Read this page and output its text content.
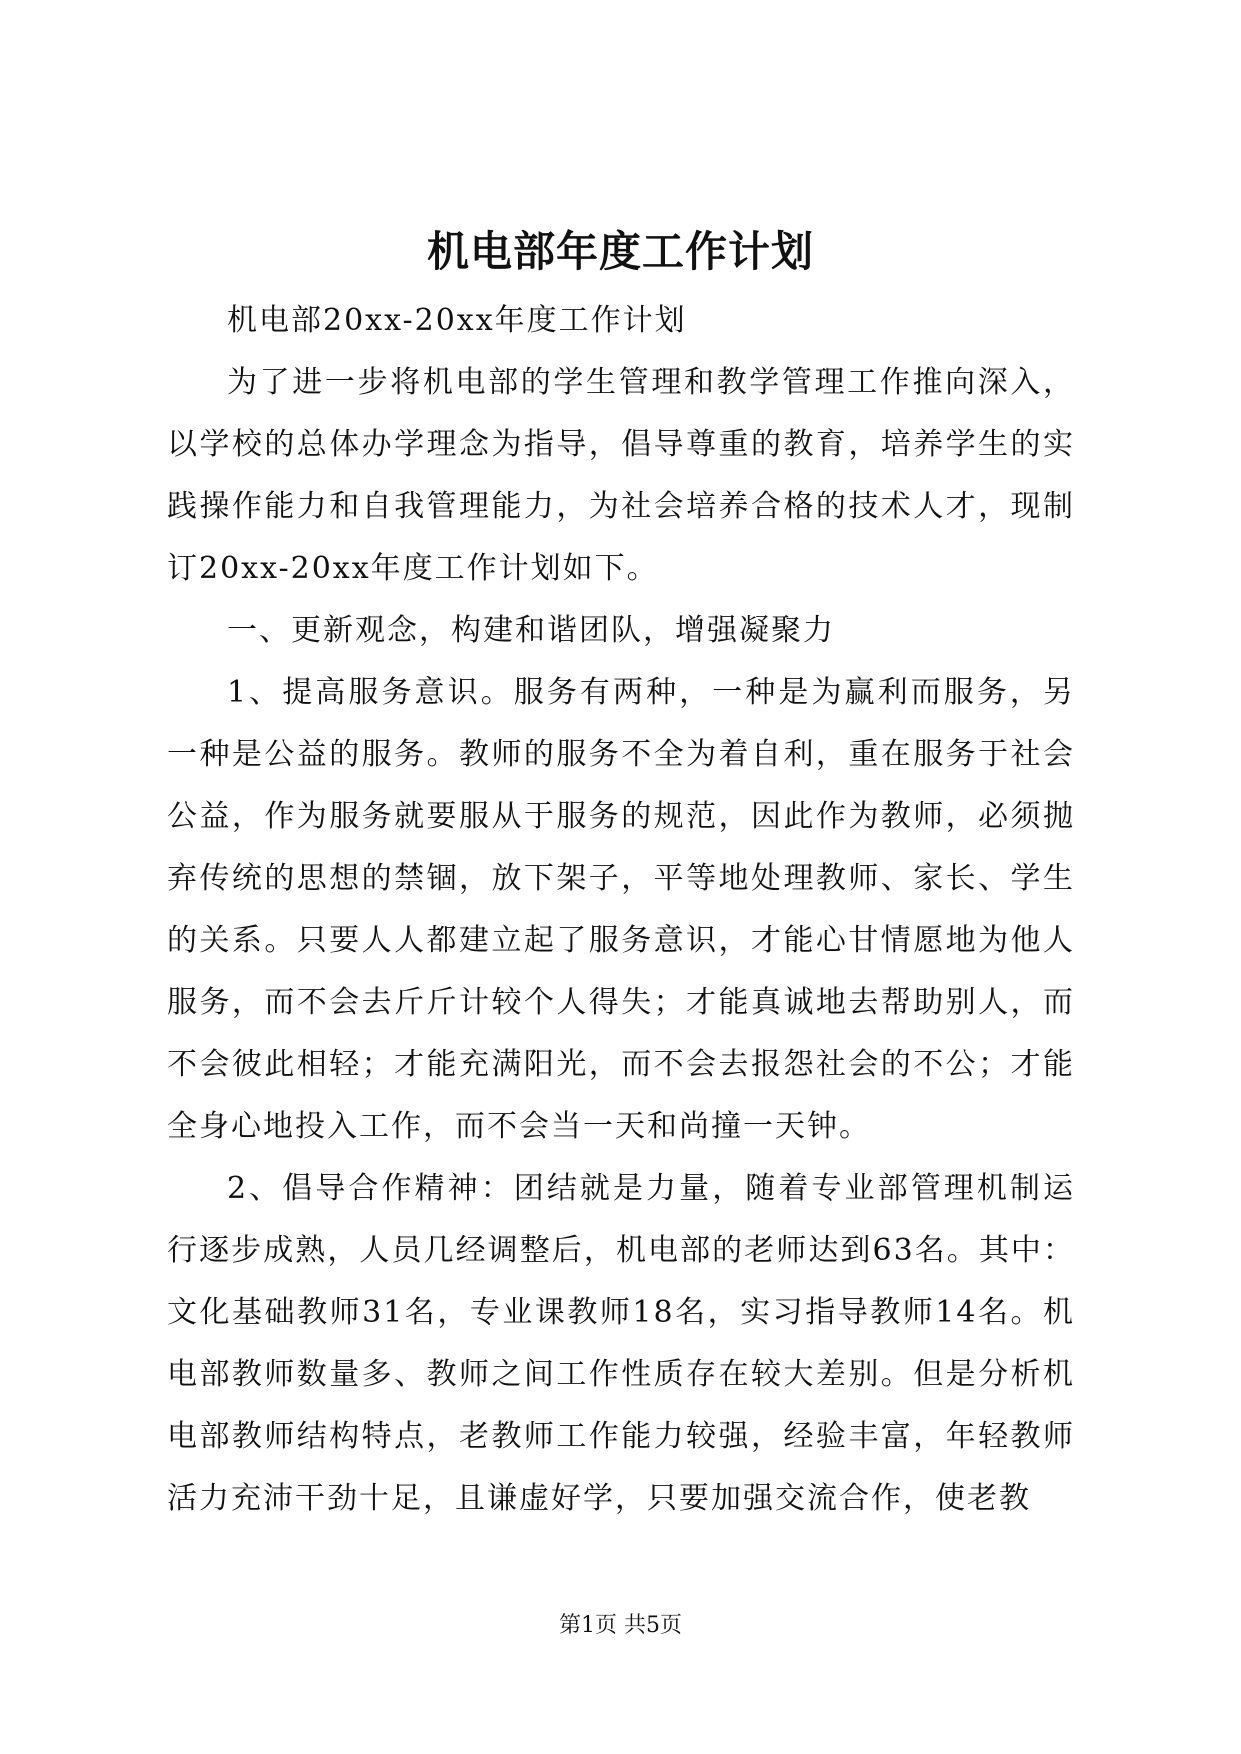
机电部年度工作计划

机电部20xx-20xx年度工作计划

为了进一步将机电部的学生管理和教学管理工作推向深入，以学校的总体办学理念为指导，倡导尊重的教育，培养学生的实践操作能力和自我管理能力，为社会培养合格的技术人才，现制订20xx-20xx年度工作计划如下。

一、更新观念，构建和谐团队，增强凝聚力

1、提高服务意识。服务有两种，一种是为赢利而服务，另一种是公益的服务。教师的服务不全为着自利，重在服务于社会公益，作为服务就要服从于服务的规范，因此作为教师，必须抛弃传统的思想的禁锢，放下架子，平等地处理教师、家长、学生的关系。只要人人都建立起了服务意识，才能心甘情愿地为他人服务，而不会去斤斤计较个人得失；才能真诚地去帮助别人，而不会彼此相轻；才能充满阳光，而不会去报怨社会的不公；才能全身心地投入工作，而不会当一天和尚撞一天钟。

2、倡导合作精神：团结就是力量，随着专业部管理机制运行逐步成熟，人员几经调整后，机电部的老师达到63名。其中：文化基础教师31名，专业课教师18名，实习指导教师14名。机电部教师数量多、教师之间工作性质存在较大差别。但是分析机电部教师结构特点，老教师工作能力较强，经验丰富，年轻教师活力充沛干劲十足，且谦虚好学，只要加强交流合作，使老教

第1页 共5页
